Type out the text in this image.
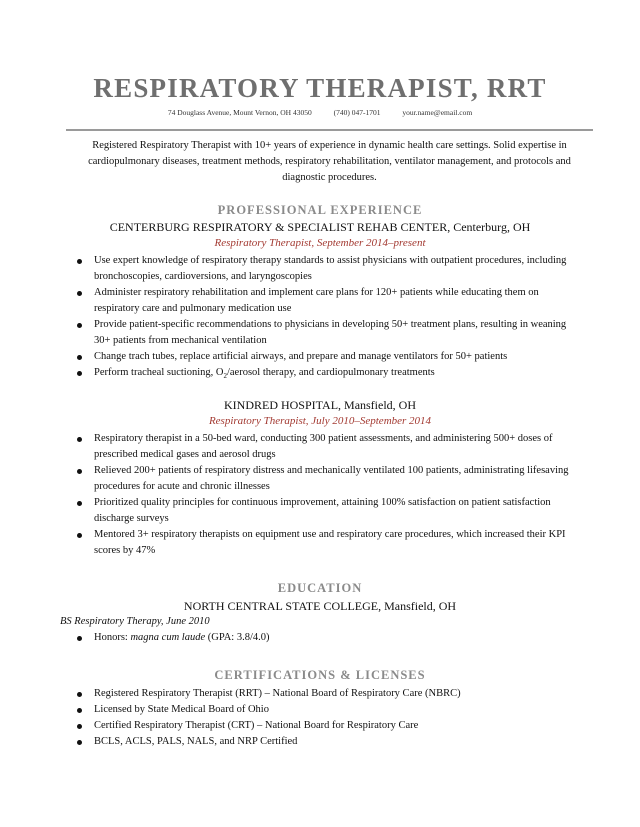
RESPIRATORY THERAPIST, RRT
74 Douglass Avenue, Mount Vernon, OH 43050	(740) 047-1701	your.name@email.com
Registered Respiratory Therapist with 10+ years of experience in dynamic health care settings. Solid expertise in cardiopulmonary diseases, treatment methods, respiratory rehabilitation, ventilator management, and protocols and diagnostic procedures.
PROFESSIONAL EXPERIENCE
CENTERBURG RESPIRATORY & SPECIALIST REHAB CENTER, Centerburg, OH
Respiratory Therapist, September 2014–present
Use expert knowledge of respiratory therapy standards to assist physicians with outpatient procedures, including bronchoscopies, cardioversions, and laryngoscopies
Administer respiratory rehabilitation and implement care plans for 120+ patients while educating them on respiratory care and pulmonary medication use
Provide patient-specific recommendations to physicians in developing 50+ treatment plans, resulting in weaning 30+ patients from mechanical ventilation
Change trach tubes, replace artificial airways, and prepare and manage ventilators for 50+ patients
Perform tracheal suctioning, $O_2$/aerosol therapy, and cardiopulmonary treatments
KINDRED HOSPITAL, Mansfield, OH
Respiratory Therapist, July 2010–September 2014
Respiratory therapist in a 50-bed ward, conducting 300 patient assessments, and administering 500+ doses of prescribed medical gases and aerosol drugs
Relieved 200+ patients of respiratory distress and mechanically ventilated 100 patients, administrating lifesaving procedures for acute and chronic illnesses
Prioritized quality principles for continuous improvement, attaining 100% satisfaction on patient satisfaction discharge surveys
Mentored 3+ respiratory therapists on equipment use and respiratory care procedures, which increased their KPI scores by 47%
EDUCATION
NORTH CENTRAL STATE COLLEGE, Mansfield, OH
BS Respiratory Therapy, June 2010
Honors: magna cum laude (GPA: 3.8/4.0)
CERTIFICATIONS & LICENSES
Registered Respiratory Therapist (RRT) – National Board of Respiratory Care (NBRC)
Licensed by State Medical Board of Ohio
Certified Respiratory Therapist (CRT) – National Board for Respiratory Care
BCLS, ACLS, PALS, NALS, and NRP Certified
